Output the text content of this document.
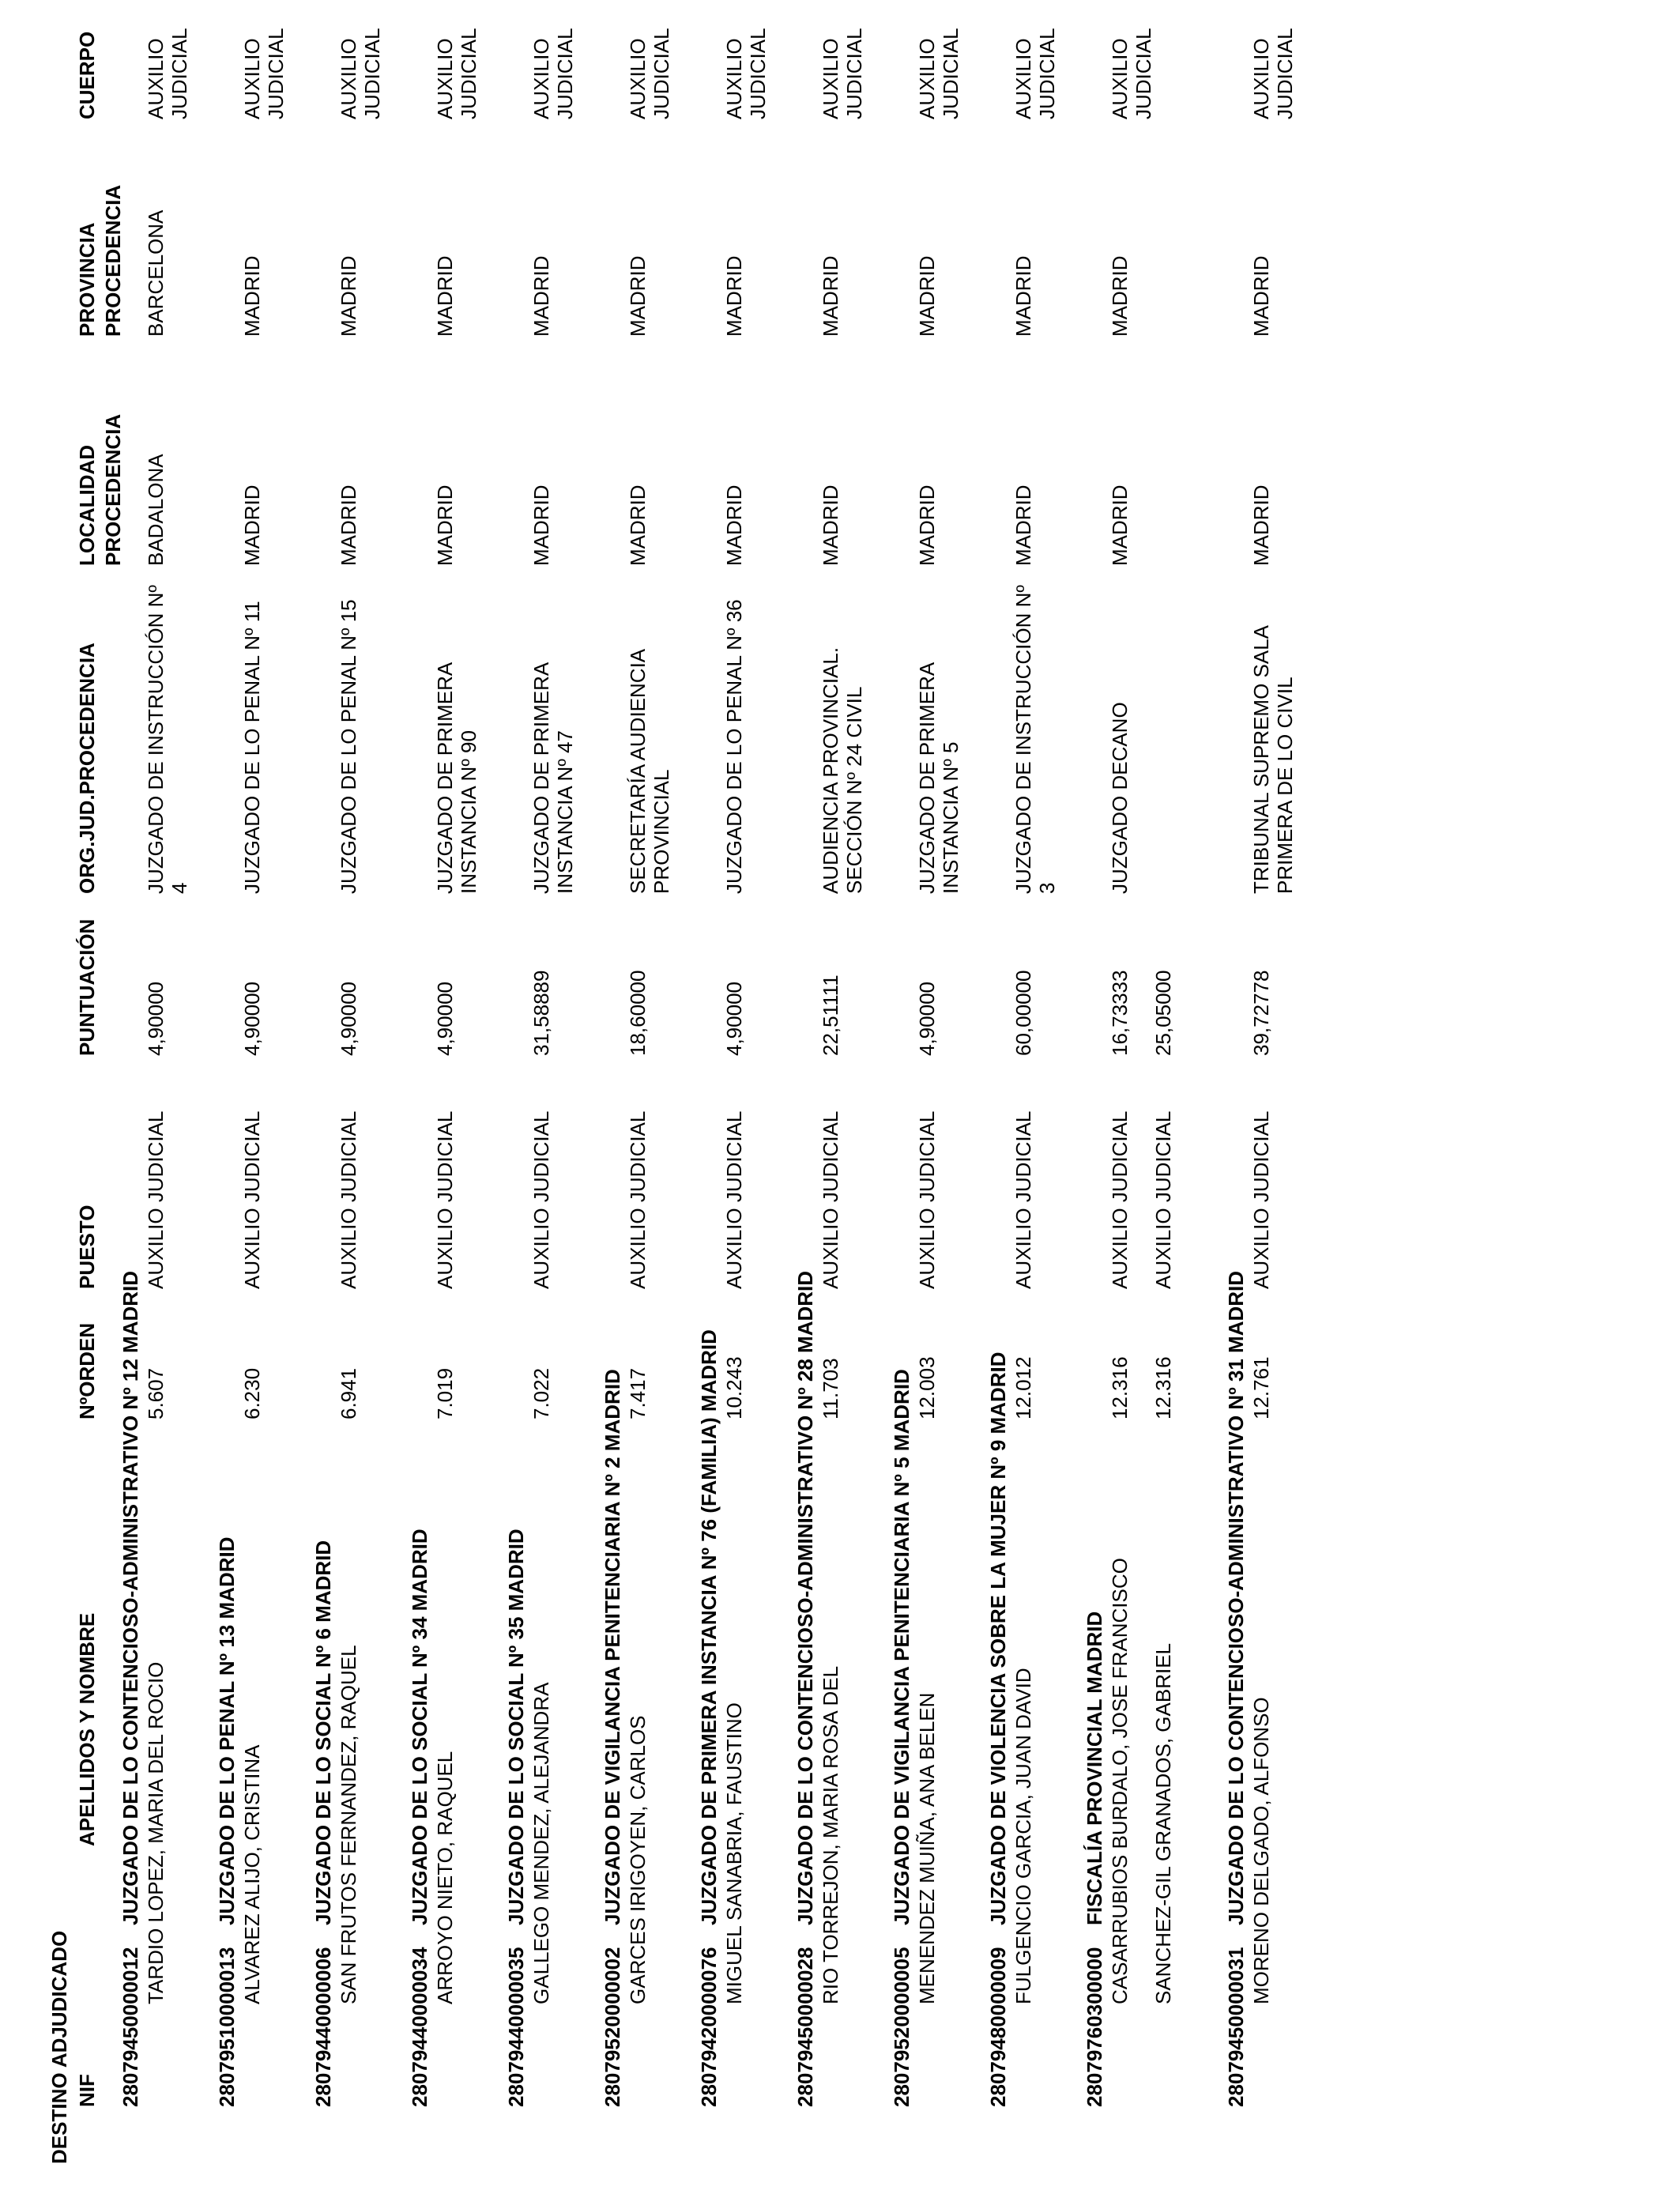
DESTINO ADJUDICADO NIF
APELLIDOS Y NOMBRE
NºORDEN
PUESTO
PUNTUACIÓN
ORG.JUD.PROCEDENCIA
LOCALIDAD PROCEDENCIA
PROVINCIA PROCEDENCIA
CUERPO
28079450000012
JUZGADO DE LO CONTENCIOSO-ADMINISTRATIVO Nº 12 MADRID TARDIO LOPEZ, MARIA DEL ROCIO
5.607
AUXILIO JUDICIAL
4,90000
JUZGADO DE INSTRUCCIÓN Nº 4
BADALONA
BARCELONA
AUXILIO JUDICIAL
28079510000013
JUZGADO DE LO PENAL Nº 13 MADRID ALVAREZ ALIJO, CRISTINA
6.230
AUXILIO JUDICIAL
4,90000
JUZGADO DE LO PENAL Nº 11
MADRID
MADRID
AUXILIO JUDICIAL
28079440000006
JUZGADO DE LO SOCIAL Nº 6 MADRID SAN FRUTOS FERNANDEZ, RAQUEL
6.941
AUXILIO JUDICIAL
4,90000
JUZGADO DE LO PENAL Nº 15
MADRID
MADRID
AUXILIO JUDICIAL
28079440000034
JUZGADO DE LO SOCIAL Nº 34 MADRID ARROYO NIETO, RAQUEL
7.019
AUXILIO JUDICIAL
4,90000
JUZGADO DE PRIMERA INSTANCIA Nº 90
MADRID
MADRID
AUXILIO JUDICIAL
28079440000035
JUZGADO DE LO SOCIAL Nº 35 MADRID GALLEGO MENDEZ, ALEJANDRA
7.022
AUXILIO JUDICIAL
31,58889
JUZGADO DE PRIMERA INSTANCIA Nº 47
MADRID
MADRID
AUXILIO JUDICIAL
28079520000002
JUZGADO DE VIGILANCIA PENITENCIARIA Nº 2 MADRID GARCES IRIGOYEN, CARLOS
7.417
AUXILIO JUDICIAL
18,60000
SECRETARÍA AUDIENCIA PROVINCIAL
MADRID
MADRID
AUXILIO JUDICIAL
28079420000076
JUZGADO DE PRIMERA INSTANCIA Nº 76 (FAMILIA) MADRID MIGUEL SANABRIA, FAUSTINO
10.243
AUXILIO JUDICIAL
4,90000
JUZGADO DE LO PENAL Nº 36
MADRID
MADRID
AUXILIO JUDICIAL
28079450000028
JUZGADO DE LO CONTENCIOSO-ADMINISTRATIVO Nº 28 MADRID RIO TORREJON, MARIA ROSA DEL
11.703
AUXILIO JUDICIAL
22,51111
AUDIENCIA PROVINCIAL. SECCIÓN Nº 24 CIVIL
MADRID
MADRID
AUXILIO JUDICIAL
28079520000005
JUZGADO DE VIGILANCIA PENITENCIARIA Nº 5 MADRID MENENDEZ MUIÑA, ANA BELEN
12.003
AUXILIO JUDICIAL
4,90000
JUZGADO DE PRIMERA INSTANCIA Nº 5
MADRID
MADRID
AUXILIO JUDICIAL
28079480000009
JUZGADO DE VIOLENCIA SOBRE LA MUJER Nº 9 MADRID FULGENCIO GARCIA, JUAN DAVID
12.012
AUXILIO JUDICIAL
60,00000
JUZGADO DE INSTRUCCIÓN Nº 3
MADRID
MADRID
AUXILIO JUDICIAL
28079760300000
FISCALÍA PROVINCIAL MADRID CASARRUBIOS BURDALO, JOSE FRANCISCO
12.316
AUXILIO JUDICIAL
16,73333
JUZGADO DECANO
MADRID
MADRID
AUXILIO JUDICIAL
SANCHEZ-GIL GRANADOS, GABRIEL
12.316
AUXILIO JUDICIAL
25,05000
28079450000031
JUZGADO DE LO CONTENCIOSO-ADMINISTRATIVO Nº 31 MADRID MORENO DELGADO, ALFONSO
12.761
AUXILIO JUDICIAL
39,72778
TRIBUNAL SUPREMO SALA PRIMERA DE LO CIVIL
MADRID
MADRID
AUXILIO JUDICIAL
